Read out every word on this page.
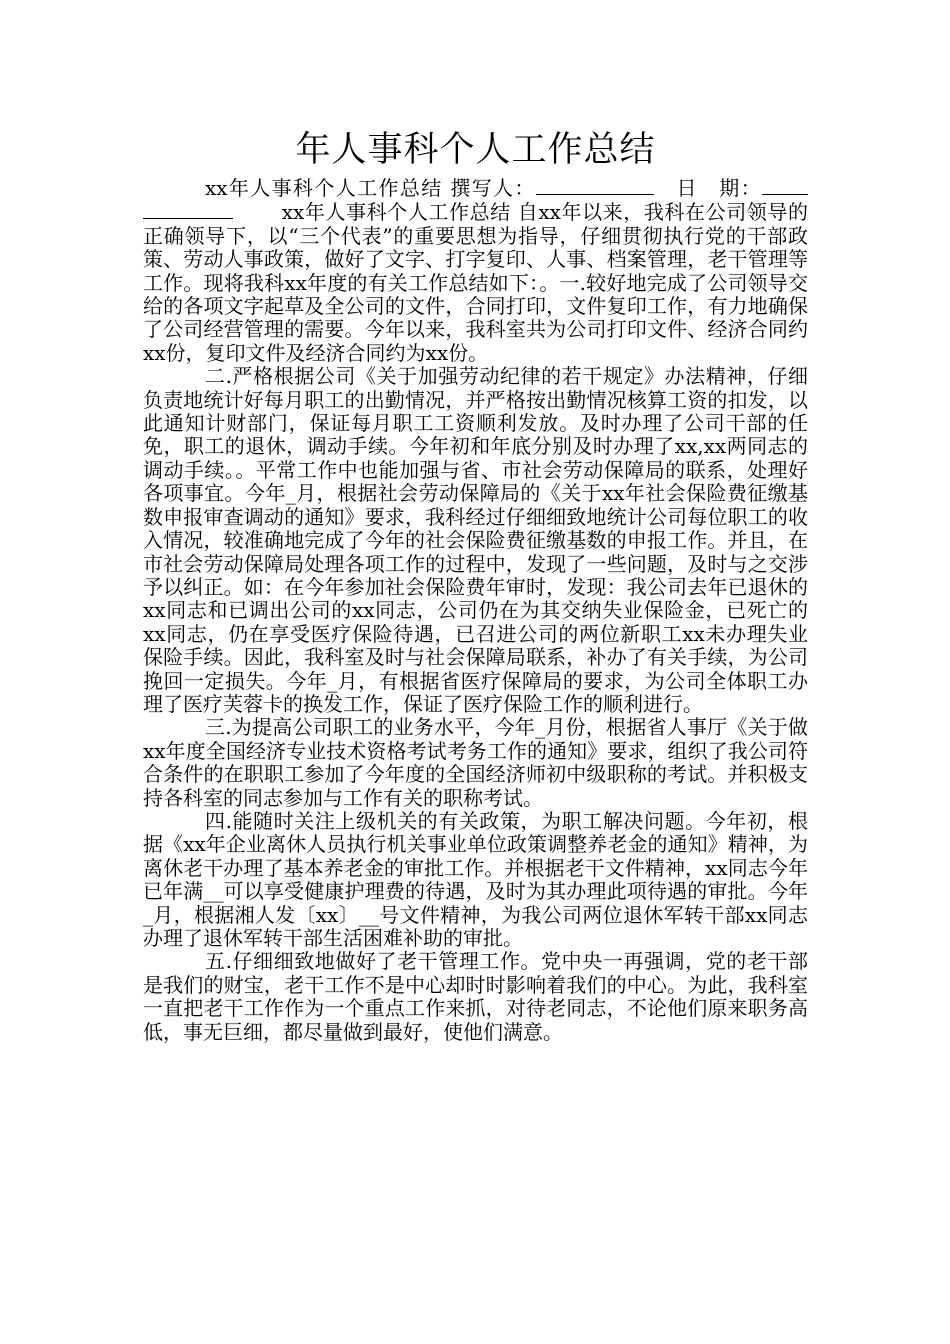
年人事科个人工作总结

xx年人事科个人工作总结 撰写人：　	日　期：　　 xx年人事科个人工作总结 自xx年以来，我科在公司领导的正确领导下，以“三个代表”的重要思想为指导，仔细贯彻执行党的干部政策、劳动人事政策，做好了文字、打字复印、人事、档案管理，老干管理等工作。现将我科xx年度的有关工作总结如下：。一.较好地完成了公司领导交给的各项文字起草及全公司的文件，合同打印，文件复印工作，有力地确保了公司经营管理的需要。今年以来，我科室共为公司打印文件、经济合同约xx份，复印文件及经济合同约为xx份。

二.严格根据公司《关于加强劳动纪律的若干规定》办法精神，仔细负责地统计好每月职工的出勤情况，并严格按出勤情况核算工资的扣发，以此通知计财部门，保证每月职工工资顺利发放。及时办理了公司干部的任免，职工的退休，调动手续。今年初和年底分别及时办理了xx,xx两同志的调动手续。。平常工作中也能加强与省、市社会劳动保障局的联系，处理好各项事宜。今年_月，根据社会劳动保障局的《关于xx年社会保险费征缴基数申报审查调动的通知》要求，我科经过仔细细致地统计公司每位职工的收入情况，较准确地完成了今年的社会保险费征缴基数的申报工作。并且，在市社会劳动保障局处理各项工作的过程中，发现了一些问题，及时与之交涉予以纠正。如：在今年参加社会保险费年审时，发现：我公司去年已退休的xx同志和已调出公司的xx同志，公司仍在为其交纳失业保险金，已死亡的xx同志，仍在享受医疗保险待遇，已召进公司的两位新职工xx未办理失业保险手续。因此，我科室及时与社会保障局联系，补办了有关手续，为公司挽回一定损失。今年_月，有根据省医疗保障局的要求，为公司全体职工办理了医疗芙蓉卡的换发工作，保证了医疗保险工作的顺利进行。

三.为提高公司职工的业务水平，今年_月份，根据省人事厅《关于做xx年度全国经济专业技术资格考试考务工作的通知》要求，组织了我公司符合条件的在职职工参加了今年度的全国经济师初中级职称的考试。并积极支持各科室的同志参加与工作有关的职称考试。

四.能随时关注上级机关的有关政策，为职工解决问题。今年初，根据《xx年企业离休人员执行机关事业单位政策调整养老金的通知》精神，为离休老干办理了基本养老金的审批工作。并根据老干文件精神，xx同志今年已年满__可以享受健康护理费的待遇，及时为其办理此项待遇的审批。今年_月，根据湘人发〔xx〕__号文件精神，为我公司两位退休军转干部xx同志办理了退休军转干部生活困难补助的审批。

五.仔细细致地做好了老干管理工作。党中央一再强调，党的老干部是我们的财宝，老干工作不是中心却时时影响着我们的中心。为此，我科室一直把老干工作作为一个重点工作来抓，对待老同志，不论他们原来职务高低，事无巨细，都尽量做到最好，使他们满意。
